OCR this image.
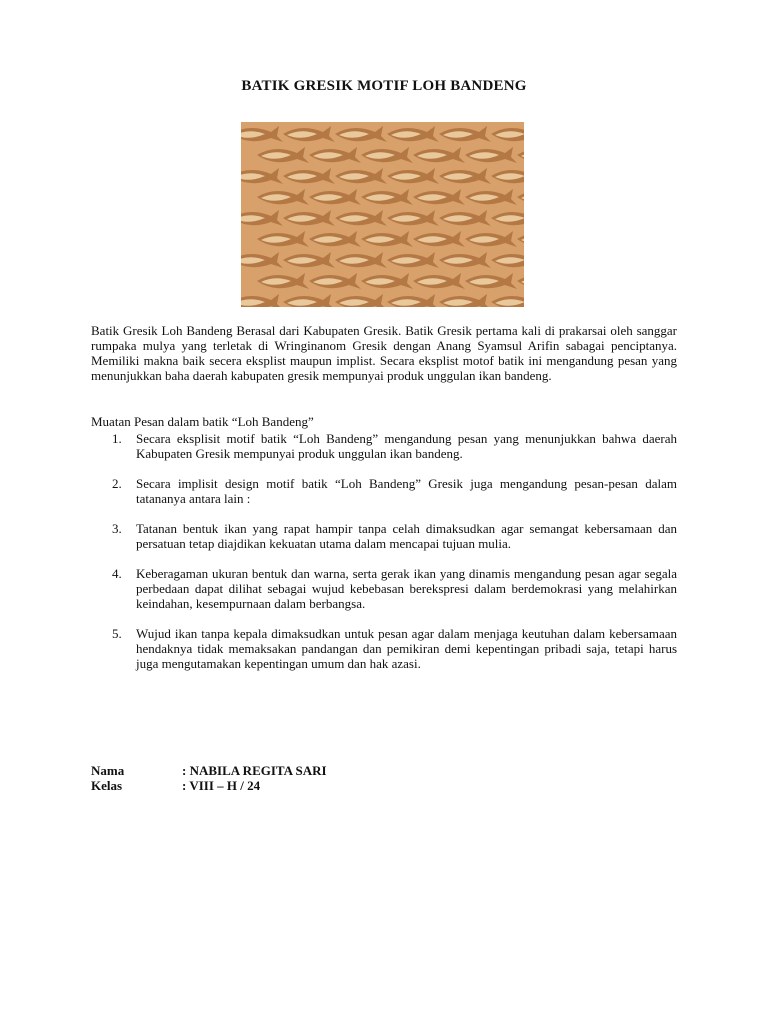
BATIK GRESIK MOTIF LOH BANDENG
Batik Gresik Loh Bandeng Berasal dari Kabupaten Gresik. Batik Gresik pertama kali di prakarsai oleh sanggar rumpaka mulya yang terletak di Wringinanom Gresik dengan Anang Syamsul Arifin sabagai penciptanya. Memiliki makna baik secera eksplist maupun implist. Secara eksplist motof batik ini mengandung pesan yang menunjukkan baha daerah kabupaten gresik mempunyai produk unggulan ikan bandeng.
Muatan Pesan dalam batik “Loh Bandeng”
1. Secara eksplisit motif batik “Loh Bandeng” mengandung pesan yang menunjukkan bahwa daerah Kabupaten Gresik mempunyai produk unggulan ikan bandeng.
2. Secara implisit design motif batik “Loh Bandeng” Gresik juga mengandung pesan-pesan dalam tatananya antara lain :
3. Tatanan bentuk ikan yang rapat hampir tanpa celah dimaksudkan agar semangat kebersamaan dan persatuan tetap diajdikan kekuatan utama dalam mencapai tujuan mulia.
4. Keberagaman ukuran bentuk dan warna, serta gerak ikan yang dinamis mengandung pesan agar segala perbedaan dapat dilihat sebagai wujud kebebasan berekspresi dalam berdemokrasi yang melahirkan keindahan, kesempurnaan dalam berbangsa.
5. Wujud ikan tanpa kepala dimaksudkan untuk pesan agar dalam menjaga keutuhan dalam kebersamaan hendaknya tidak memaksakan pandangan dan pemikiran demi kepentingan pribadi saja, tetapi harus juga mengutamakan kepentingan umum dan hak azasi.
Nama	: NABILA REGITA SARI
Kelas	: VIII – H / 24
